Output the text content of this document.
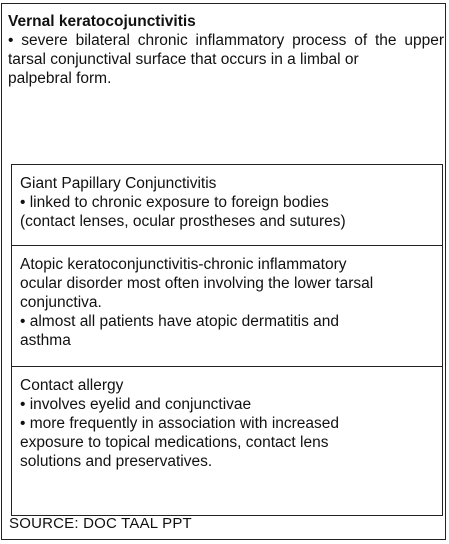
Vernal keratocojunctivitis
• severe bilateral chronic inflammatory process of the upper tarsal conjunctival surface that occurs in a limbal or
palpebral form.
Giant Papillary Conjunctivitis
• linked to chronic exposure to foreign bodies
(contact lenses, ocular prostheses and sutures)
Atopic keratoconjunctivitis-chronic inflammatory
ocular disorder most often involving the lower tarsal
conjunctiva.
• almost all patients have atopic dermatitis and
asthma
Contact allergy
• involves eyelid and conjunctivae
• more frequently in association with increased
exposure to topical medications, contact lens
solutions and preservatives.
SOURCE: DOC TAAL PPT
